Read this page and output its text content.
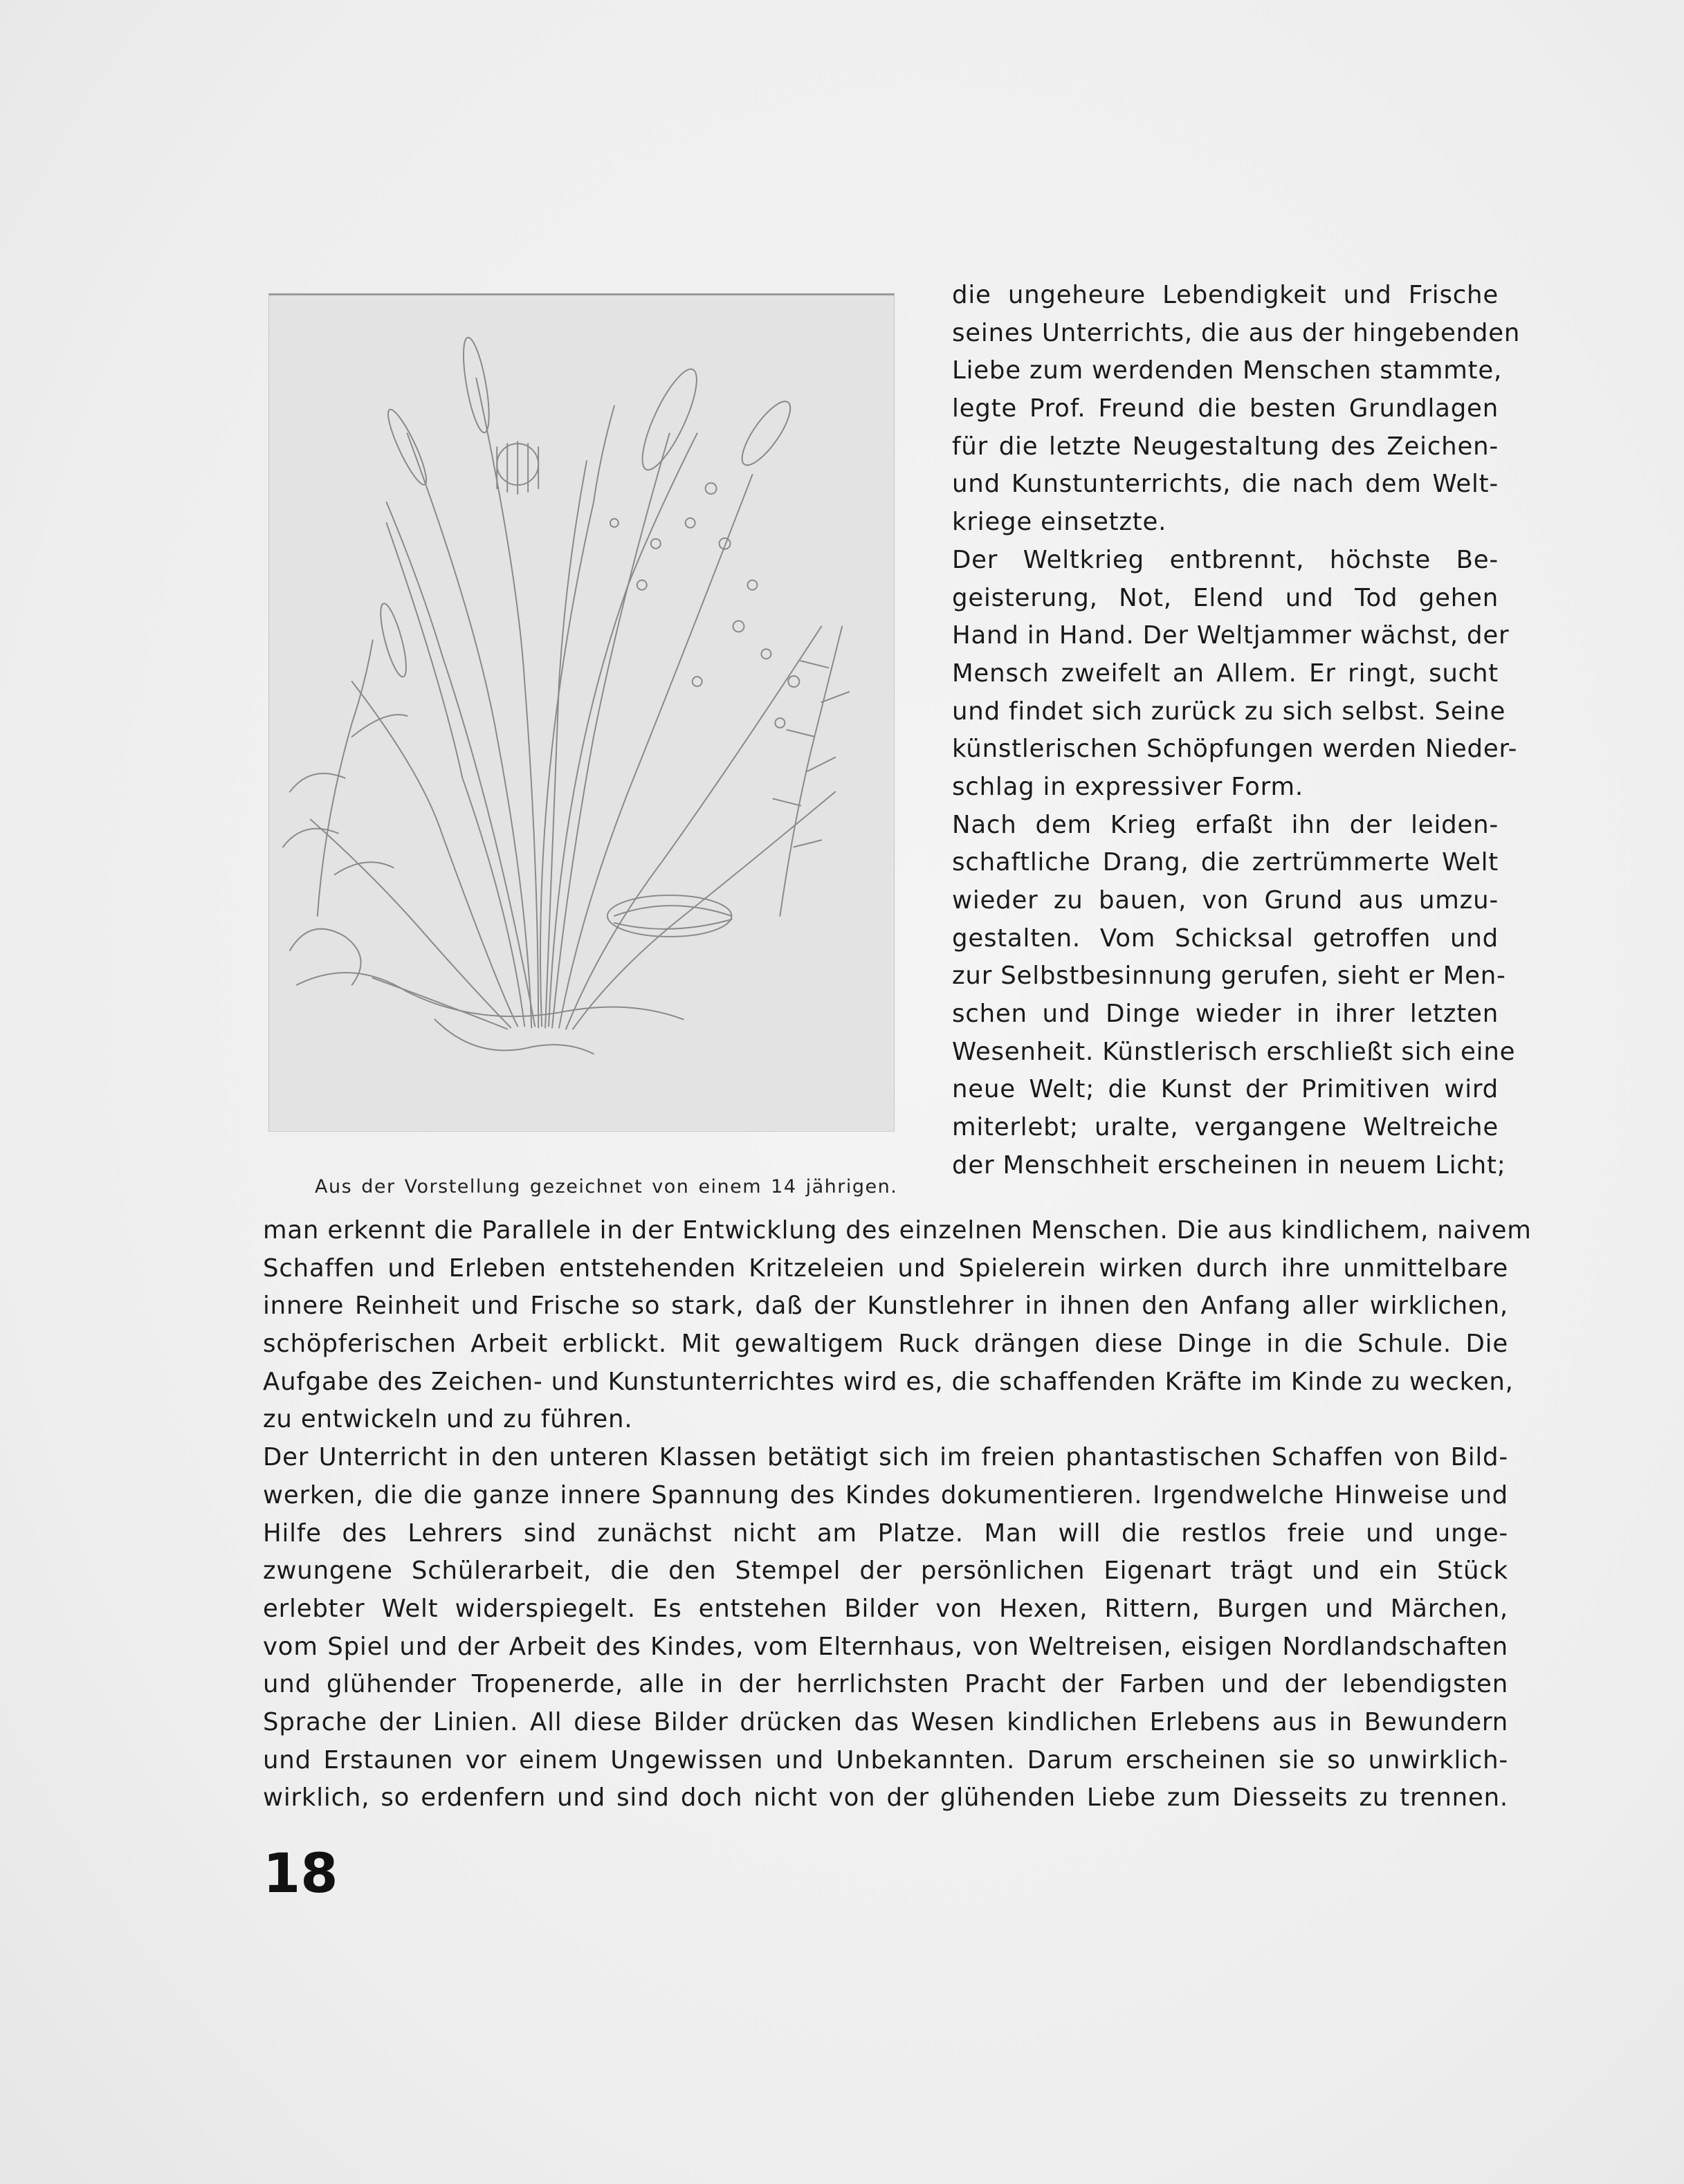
Aus der Vorstellung gezeichnet von einem 14 jährigen.
die ungeheure Lebendigkeit und Frische
seines Unterrichts, die aus der hingebenden
Liebe zum werdenden Menschen stammte,
legte Prof. Freund die besten Grundlagen
für die letzte Neugestaltung des Zeichen-
und Kunstunterrichts, die nach dem Welt-
kriege einsetzte.
Der Weltkrieg entbrennt, höchste Be-
geisterung, Not, Elend und Tod gehen
Hand in Hand. Der Weltjammer wächst, der
Mensch zweifelt an Allem. Er ringt, sucht
und findet sich zurück zu sich selbst. Seine
künstlerischen Schöpfungen werden Nieder-
schlag in expressiver Form.
Nach dem Krieg erfaßt ihn der leiden-
schaftliche Drang, die zertrümmerte Welt
wieder zu bauen, von Grund aus umzu-
gestalten. Vom Schicksal getroffen und
zur Selbstbesinnung gerufen, sieht er Men-
schen und Dinge wieder in ihrer letzten
Wesenheit. Künstlerisch erschließt sich eine
neue Welt; die Kunst der Primitiven wird
miterlebt; uralte, vergangene Weltreiche
der Menschheit erscheinen in neuem Licht;
man erkennt die Parallele in der Entwicklung des einzelnen Menschen. Die aus kindlichem, naivem
Schaffen und Erleben entstehenden Kritzeleien und Spielerein wirken durch ihre unmittelbare
innere Reinheit und Frische so stark, daß der Kunstlehrer in ihnen den Anfang aller wirklichen,
schöpferischen Arbeit erblickt. Mit gewaltigem Ruck drängen diese Dinge in die Schule. Die
Aufgabe des Zeichen- und Kunstunterrichtes wird es, die schaffenden Kräfte im Kinde zu wecken,
zu entwickeln und zu führen.
Der Unterricht in den unteren Klassen betätigt sich im freien phantastischen Schaffen von Bild-
werken, die die ganze innere Spannung des Kindes dokumentieren. Irgendwelche Hinweise und
Hilfe des Lehrers sind zunächst nicht am Platze. Man will die restlos freie und unge-
zwungene Schülerarbeit, die den Stempel der persönlichen Eigenart trägt und ein Stück
erlebter Welt widerspiegelt. Es entstehen Bilder von Hexen, Rittern, Burgen und Märchen,
vom Spiel und der Arbeit des Kindes, vom Elternhaus, von Weltreisen, eisigen Nordlandschaften
und glühender Tropenerde, alle in der herrlichsten Pracht der Farben und der lebendigsten
Sprache der Linien. All diese Bilder drücken das Wesen kindlichen Erlebens aus in Bewundern
und Erstaunen vor einem Ungewissen und Unbekannten. Darum erscheinen sie so unwirklich-
wirklich, so erdenfern und sind doch nicht von der glühenden Liebe zum Diesseits zu trennen.
18
